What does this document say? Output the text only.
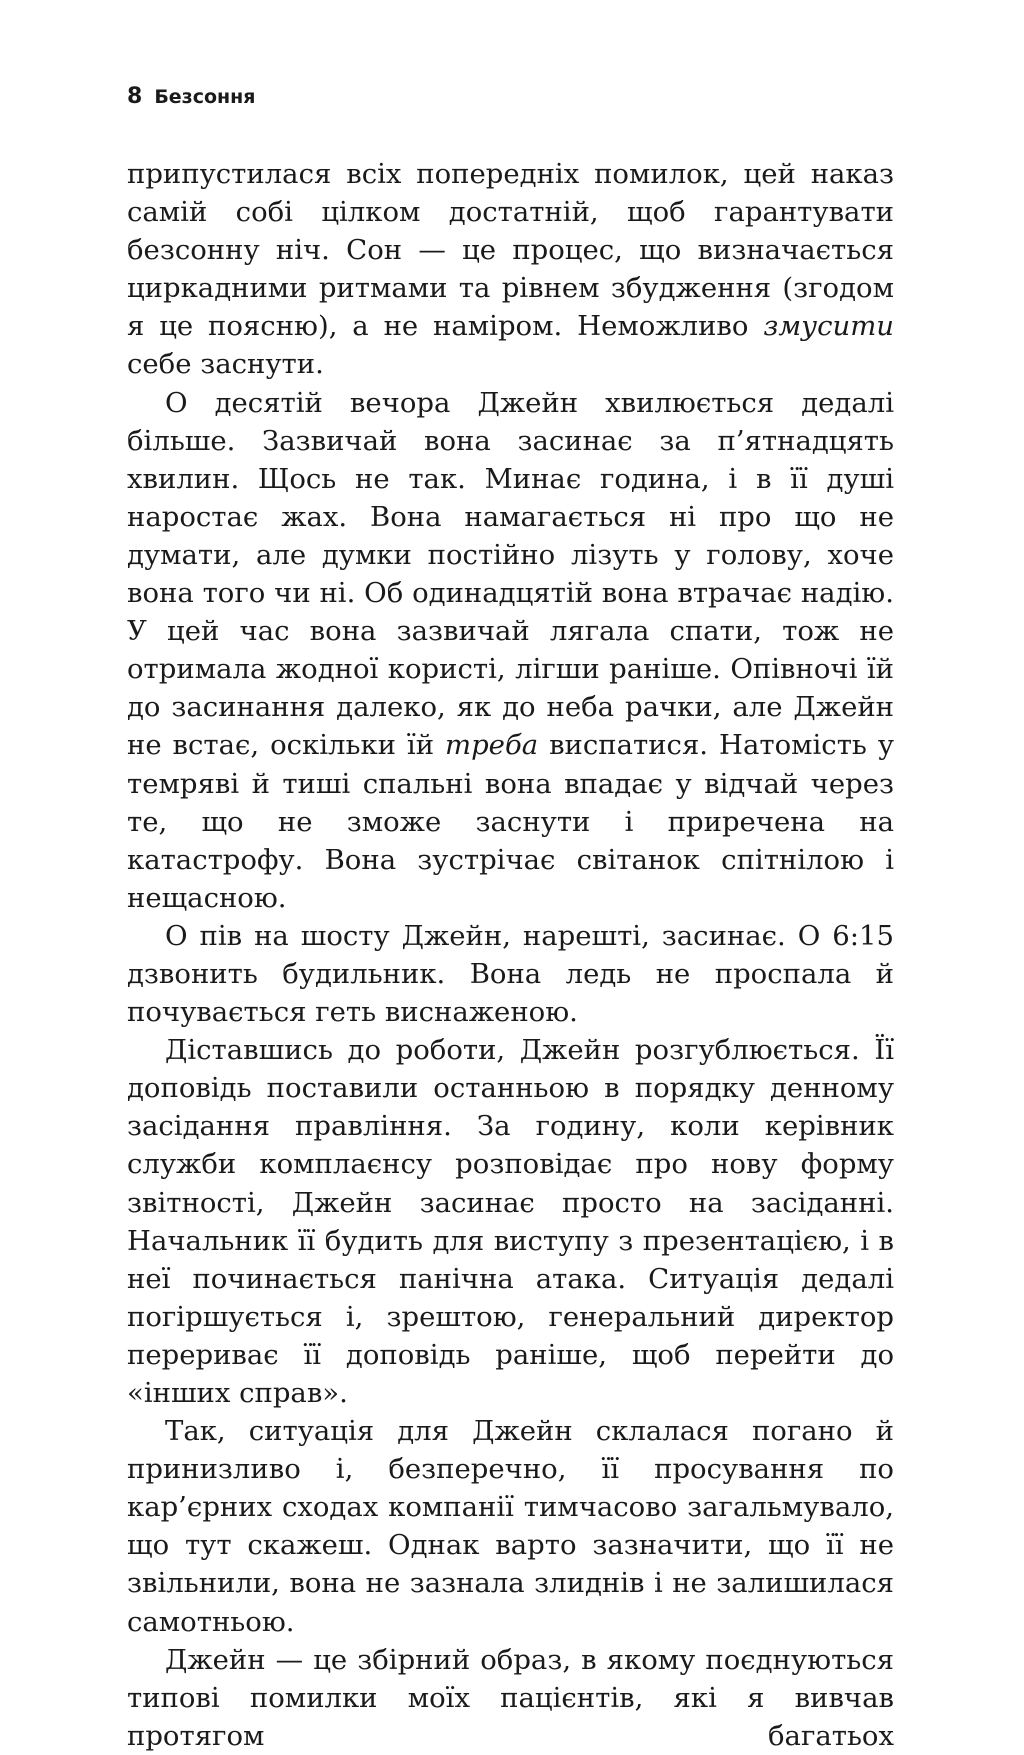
8 Безсоння

припустилася всіх попередніх помилок, цей наказ самій собі цілком достатній, щоб гарантувати безсонну ніч. Сон — це процес, що визначається циркадними ритмами та рівнем збудження (згодом я це поясню), а не наміром. Неможливо змусити себе заснути.

О десятій вечора Джейн хвилюється дедалі більше. Зазвичай вона засинає за п’ятнадцять хвилин. Щось не так. Минає година, і в її душі наростає жах. Вона намагається ні про що не думати, але думки постійно лізуть у голову, хоче вона того чи ні. Об одинадцятій вона втрачає надію. У цей час вона зазвичай лягала спати, тож не отримала жодної користі, лігши раніше. Опівночі їй до засинання далеко, як до неба рачки, але Джейн не встає, оскільки їй треба виспатися. Натомість у темряві й тиші спальні вона впадає у відчай через те, що не зможе заснути і приречена на катастрофу. Вона зустрічає світанок спітнілою і нещасною.

О пів на шосту Джейн, нарешті, засинає. О 6:15 дзвонить будильник. Вона ледь не проспала й почувається геть виснаженою.

Діставшись до роботи, Джейн розгублюється. Її доповідь поставили останньою в порядку денному засідання правління. За годину, коли керівник служби комплаєнсу розповідає про нову форму звітності, Джейн засинає просто на засіданні. Начальник її будить для виступу з презентацією, і в неї починається панічна атака. Ситуація дедалі погіршується і, зрештою, генеральний директор перериває її доповідь раніше, щоб перейти до «інших справ».

Так, ситуація для Джейн склалася погано й принизливо і, безперечно, її просування по кар’єрних сходах компанії тимчасово загальмувало, що тут скажеш. Однак варто зазначити, що її не звільнили, вона не зазнала злиднів і не залишилася самотньою.

Джейн — це збірний образ, в якому поєднуються типові помилки моїх пацієнтів, які я вивчав протягом багатьох
